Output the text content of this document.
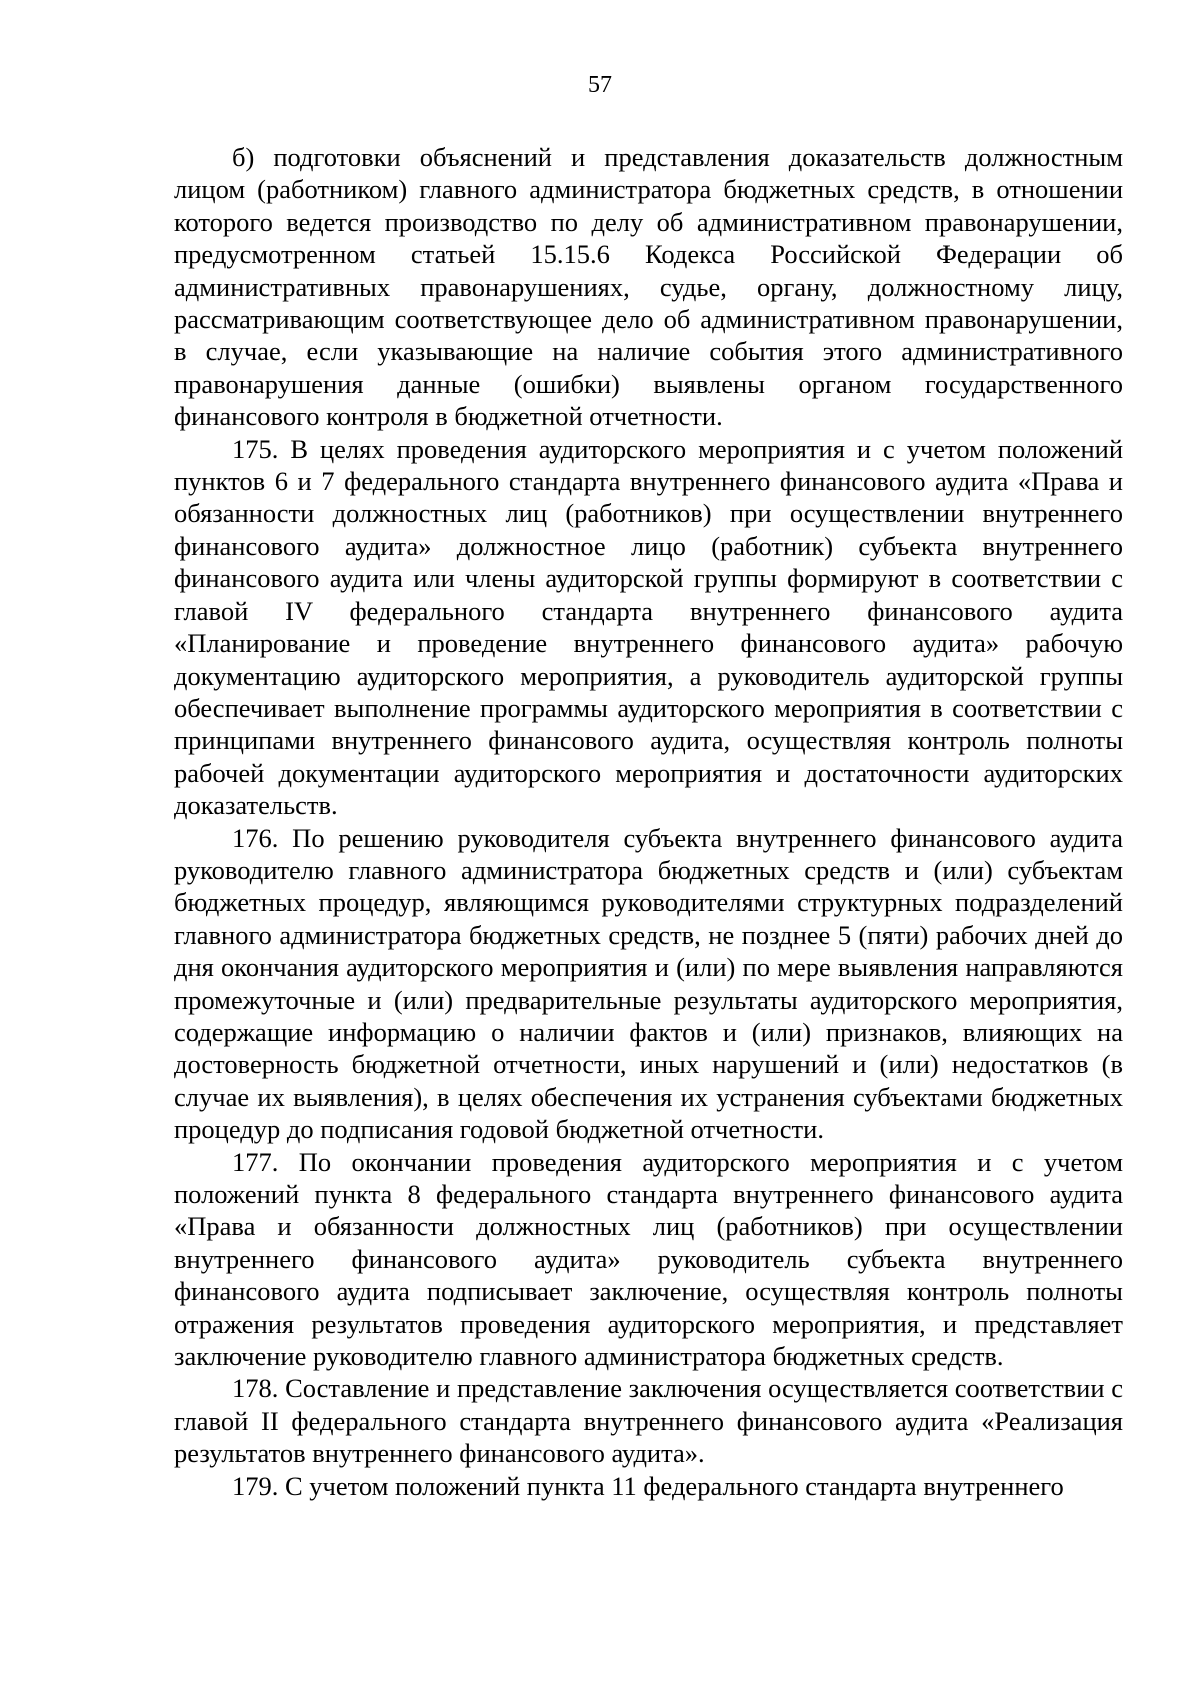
57

б) подготовки объяснений и представления доказательств должностным лицом (работником) главного администратора бюджетных средств, в отношении которого ведется производство по делу об административном правонарушении, предусмотренном статьей 15.15.6 Кодекса Российской Федерации об административных правонарушениях, судье, органу, должностному лицу, рассматривающим соответствующее дело об административном правонарушении, в случае, если указывающие на наличие события этого административного правонарушения данные (ошибки) выявлены органом государственного финансового контроля в бюджетной отчетности.

175. В целях проведения аудиторского мероприятия и с учетом положений пунктов 6 и 7 федерального стандарта внутреннего финансового аудита «Права и обязанности должностных лиц (работников) при осуществлении внутреннего финансового аудита» должностное лицо (работник) субъекта внутреннего финансового аудита или члены аудиторской группы формируют в соответствии с главой IV федерального стандарта внутреннего финансового аудита «Планирование и проведение внутреннего финансового аудита» рабочую документацию аудиторского мероприятия, а руководитель аудиторской группы обеспечивает выполнение программы аудиторского мероприятия в соответствии с принципами внутреннего финансового аудита, осуществляя контроль полноты рабочей документации аудиторского мероприятия и достаточности аудиторских доказательств.

176. По решению руководителя субъекта внутреннего финансового аудита руководителю главного администратора бюджетных средств и (или) субъектам бюджетных процедур, являющимся руководителями структурных подразделений главного администратора бюджетных средств, не позднее 5 (пяти) рабочих дней до дня окончания аудиторского мероприятия и (или) по мере выявления направляются промежуточные и (или) предварительные результаты аудиторского мероприятия, содержащие информацию о наличии фактов и (или) признаков, влияющих на достоверность бюджетной отчетности, иных нарушений и (или) недостатков (в случае их выявления), в целях обеспечения их устранения субъектами бюджетных процедур до подписания годовой бюджетной отчетности.

177. По окончании проведения аудиторского мероприятия и с учетом положений пункта 8 федерального стандарта внутреннего финансового аудита «Права и обязанности должностных лиц (работников) при осуществлении внутреннего финансового аудита» руководитель субъекта внутреннего финансового аудита подписывает заключение, осуществляя контроль полноты отражения результатов проведения аудиторского мероприятия, и представляет заключение руководителю главного администратора бюджетных средств.

178. Составление и представление заключения осуществляется соответствии с главой II федерального стандарта внутреннего финансового аудита «Реализация результатов внутреннего финансового аудита».

179. С учетом положений пункта 11 федерального стандарта внутреннего
